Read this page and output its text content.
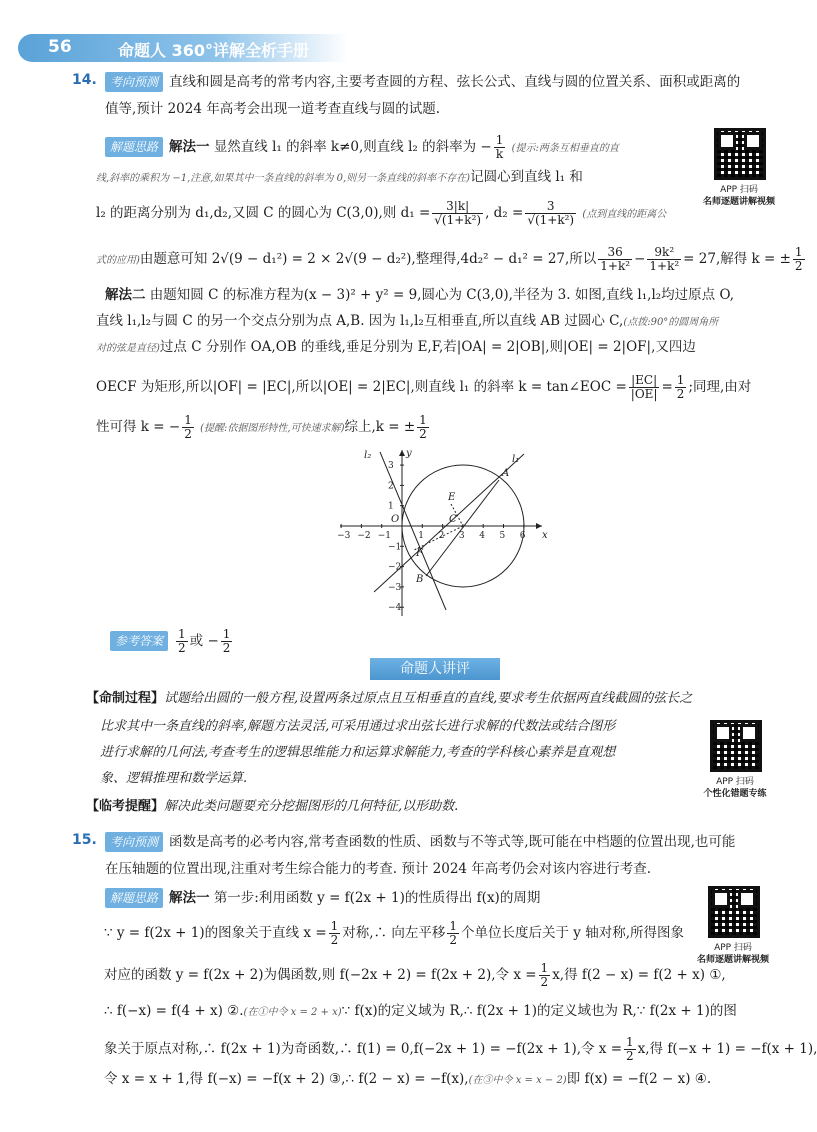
56	命题人 360°详解全析手册
14.	考向预测 直线和圆是高考的常考内容,主要考查圆的方程、弦长公式、直线与圆的位置关系、面积或距离的
值等,预计 2024 年高考会出现一道考查直线与圆的试题.
解题思路 解法一 显然直线 l₁ 的斜率 k≠0,则直线 l₂ 的斜率为 − $\frac{1}{k}$ (提示:两条互相垂直的直
线,斜率的乘积为 −1,注意,如果其中一条直线的斜率为 0,则另一条直线的斜率不存在)记圆心到直线 l₁ 和
l₂ 的距离分别为 d₁,d₂,又圆 C 的圆心为 C(3,0),则 $d_1 = \frac{3|k|}{\text{√(1+k²)}}$ , $d_2 = \frac{3}{\text{√(1+k²)}}$ (点到直线的距离公
式的应用)由题意可知 2√(9 − d₁²) = 2 × 2√(9 − d₂²),整理得,4d₂² − d₁² = 27,所以 $\frac{36}{\text{1+k²}} - \frac{\text{9k²}}{\text{1+k²}} = 27$,解得 k = ± $\frac{1}{2}$
解法二 由题知圆 C 的标准方程为(x − 3)² + y² = 9,圆心为 C(3,0),半径为 3. 如图,直线 l₁,l₂均过原点 O,
直线 l₁,l₂与圆 C 的另一个交点分别为点 A,B. 因为 l₁,l₂互相垂直,所以直线 AB 过圆心 C,(点拨:90°的圆周角所
对的弦是直径)过点 C 分别作 OA,OB 的垂线,垂足分别为 E,F,若|OA| = 2|OB|,则|OE| = 2|OF|,又四边
OECF 为矩形,所以|OF| = |EC|,所以|OE| = 2|EC|,则直线 l₁ 的斜率 k = tan∠EOC = $\frac{|EC|}{|OE|} = \frac{1}{2}$ ;同理,由对
性可得 k = − $\frac{1}{2}$ (提醒:依据图形特性,可快速求解)综上,k = ± $\frac{1}{2}$
APP 扫码
名师逐题讲解视频
l₂	l₁
A
B
C
E
F
O
x
y
−3 −2 −1	1 2 3 4 5 6
3
2
1
−1
−2
−3
−4
参考答案 $\frac{1}{2}$ 或 − $\frac{1}{2}$
命题人讲评
【命制过程】试题给出圆的一般方程,设置两条过原点且互相垂直的直线,要求考生依据两直线截圆的弦长之
比求其中一条直线的斜率,解题方法灵活,可采用通过求出弦长进行求解的代数法或结合图形
进行求解的几何法,考查考生的逻辑思维能力和运算求解能力,考查的学科核心素养是直观想
象、逻辑推理和数学运算.
【临考提醒】解决此类问题要充分挖掘图形的几何特征,以形助数.
APP 扫码
个性化错题专练
15.	考向预测 函数是高考的必考内容,常考查函数的性质、函数与不等式等,既可能在中档题的位置出现,也可能
在压轴题的位置出现,注重对考生综合能力的考查. 预计 2024 年高考仍会对该内容进行考查.
解题思路 解法一 第一步:利用函数 y = f(2x + 1)的性质得出 f(x)的周期
∵ y = f(2x + 1)的图象关于直线 $x = \frac{1}{2}$ 对称,∴ 向左平移 $\frac{1}{2}$ 个单位长度后关于 y 轴对称,所得图象
对应的函数 y = f(2x + 2)为偶函数,则 f(−2x + 2) = f(2x + 2),令 $x = \frac{1}{2} x$,得 f(2 − x) = f(2 + x) ①,
∴ f(−x) = f(4 + x) ②.(在①中令 x = 2 + x)∵ f(x)的定义域为 R,∴ f(2x + 1)的定义域也为 R,∵ f(2x + 1)的图
象关于原点对称,∴ f(2x + 1)为奇函数,∴ f(1) = 0,f(−2x + 1) = −f(2x + 1),令 $x = \frac{1}{2} x$,得 f(−x + 1) = −f(x + 1),
令 x = x + 1,得 f(−x) = −f(x + 2) ③,∴ f(2 − x) = −f(x),(在③中令 x = x − 2)即 f(x) = −f(2 − x) ④.
APP 扫码
名师逐题讲解视频
